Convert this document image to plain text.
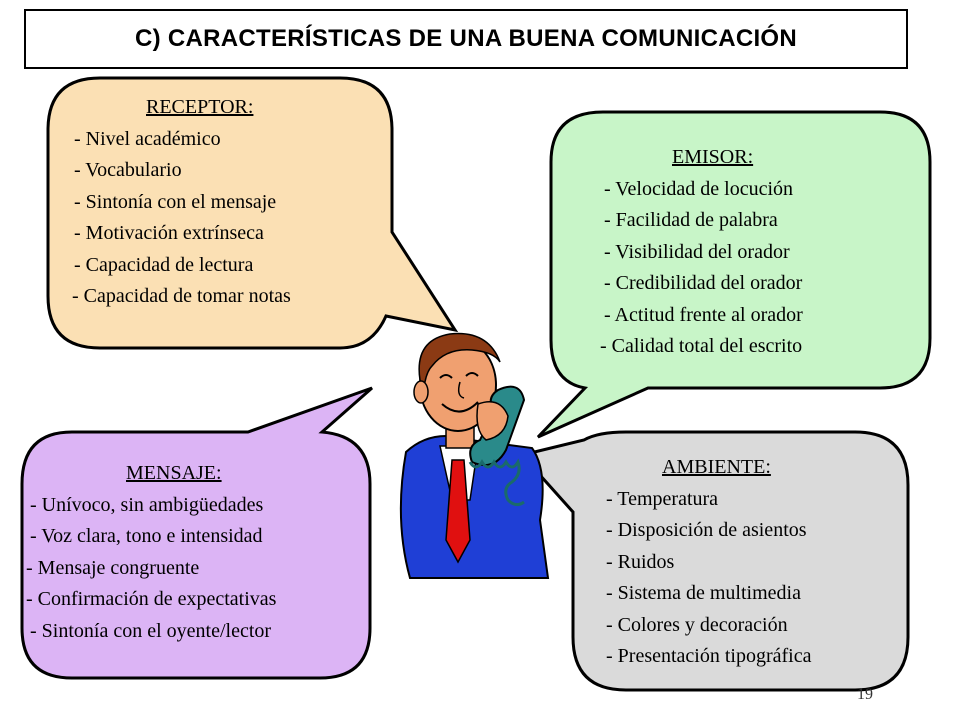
C) CARACTERÍSTICAS DE UNA BUENA COMUNICACIÓN
RECEPTOR:
- Nivel académico
- Vocabulario
- Sintonía con el mensaje
- Motivación extrínseca
- Capacidad de lectura
- Capacidad de tomar notas
EMISOR:
- Velocidad de locución
- Facilidad de palabra
- Visibilidad del orador
- Credibilidad del orador
- Actitud frente al orador
- Calidad total del escrito
MENSAJE:
- Unívoco, sin ambigüedades
- Voz clara, tono e intensidad
- Mensaje congruente
- Confirmación de expectativas
- Sintonía con el oyente/lector
AMBIENTE:
- Temperatura
- Disposición de asientos
- Ruidos
- Sistema de multimedia
- Colores y decoración
- Presentación tipográfica
19
